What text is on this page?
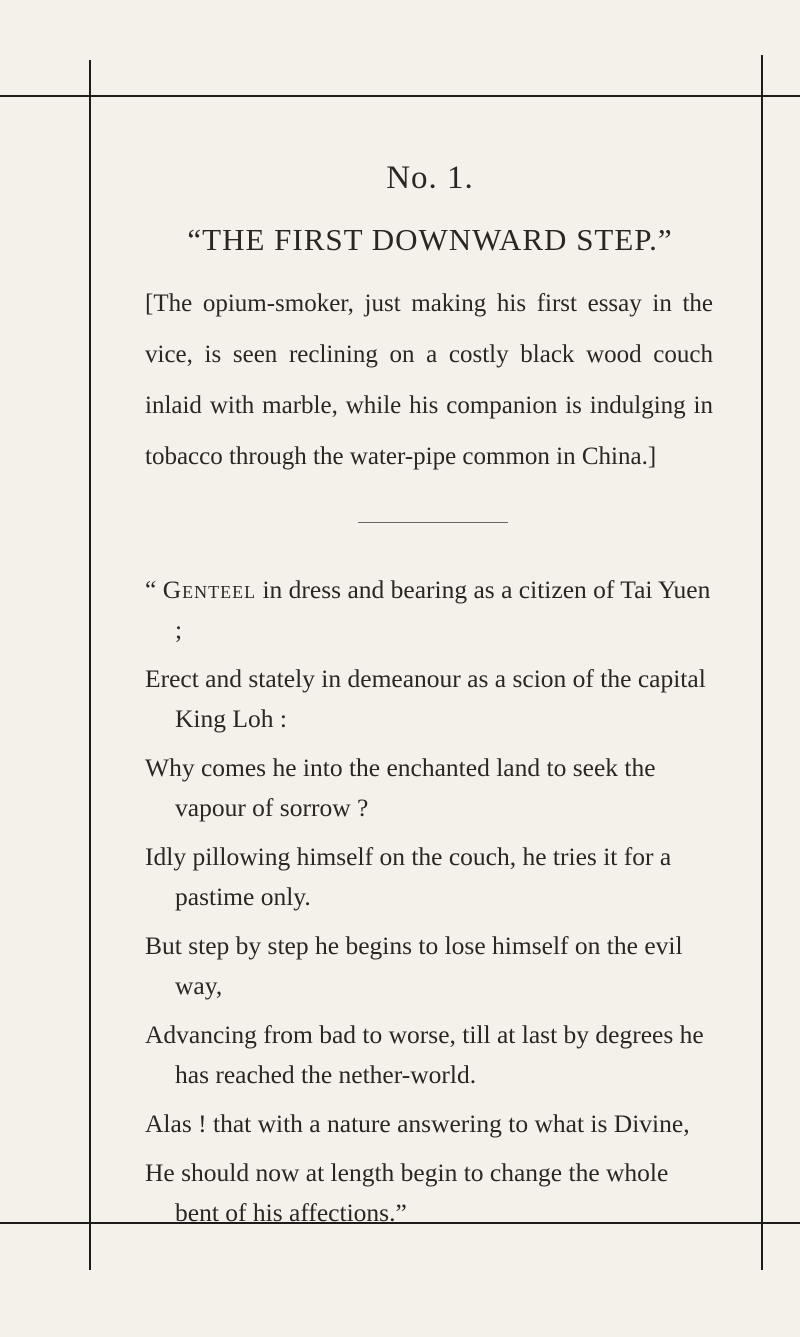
No. 1.
“THE FIRST DOWNWARD STEP.”

[The opium-smoker, just making his first essay in the vice, is seen reclining on a costly black wood couch inlaid with marble, while his companion is indulging in tobacco through the water-pipe common in China.]

“ Genteel in dress and bearing as a citizen of Tai Yuen ;
Erect and stately in demeanour as a scion of the capital King Loh :
Why comes he into the enchanted land to seek the vapour of sorrow ?
Idly pillowing himself on the couch, he tries it for a pastime only.
But step by step he begins to lose himself on the evil way,
Advancing from bad to worse, till at last by degrees he has reached the nether-world.
Alas ! that with a nature answering to what is Divine,
He should now at length begin to change the whole bent of his affections.”
